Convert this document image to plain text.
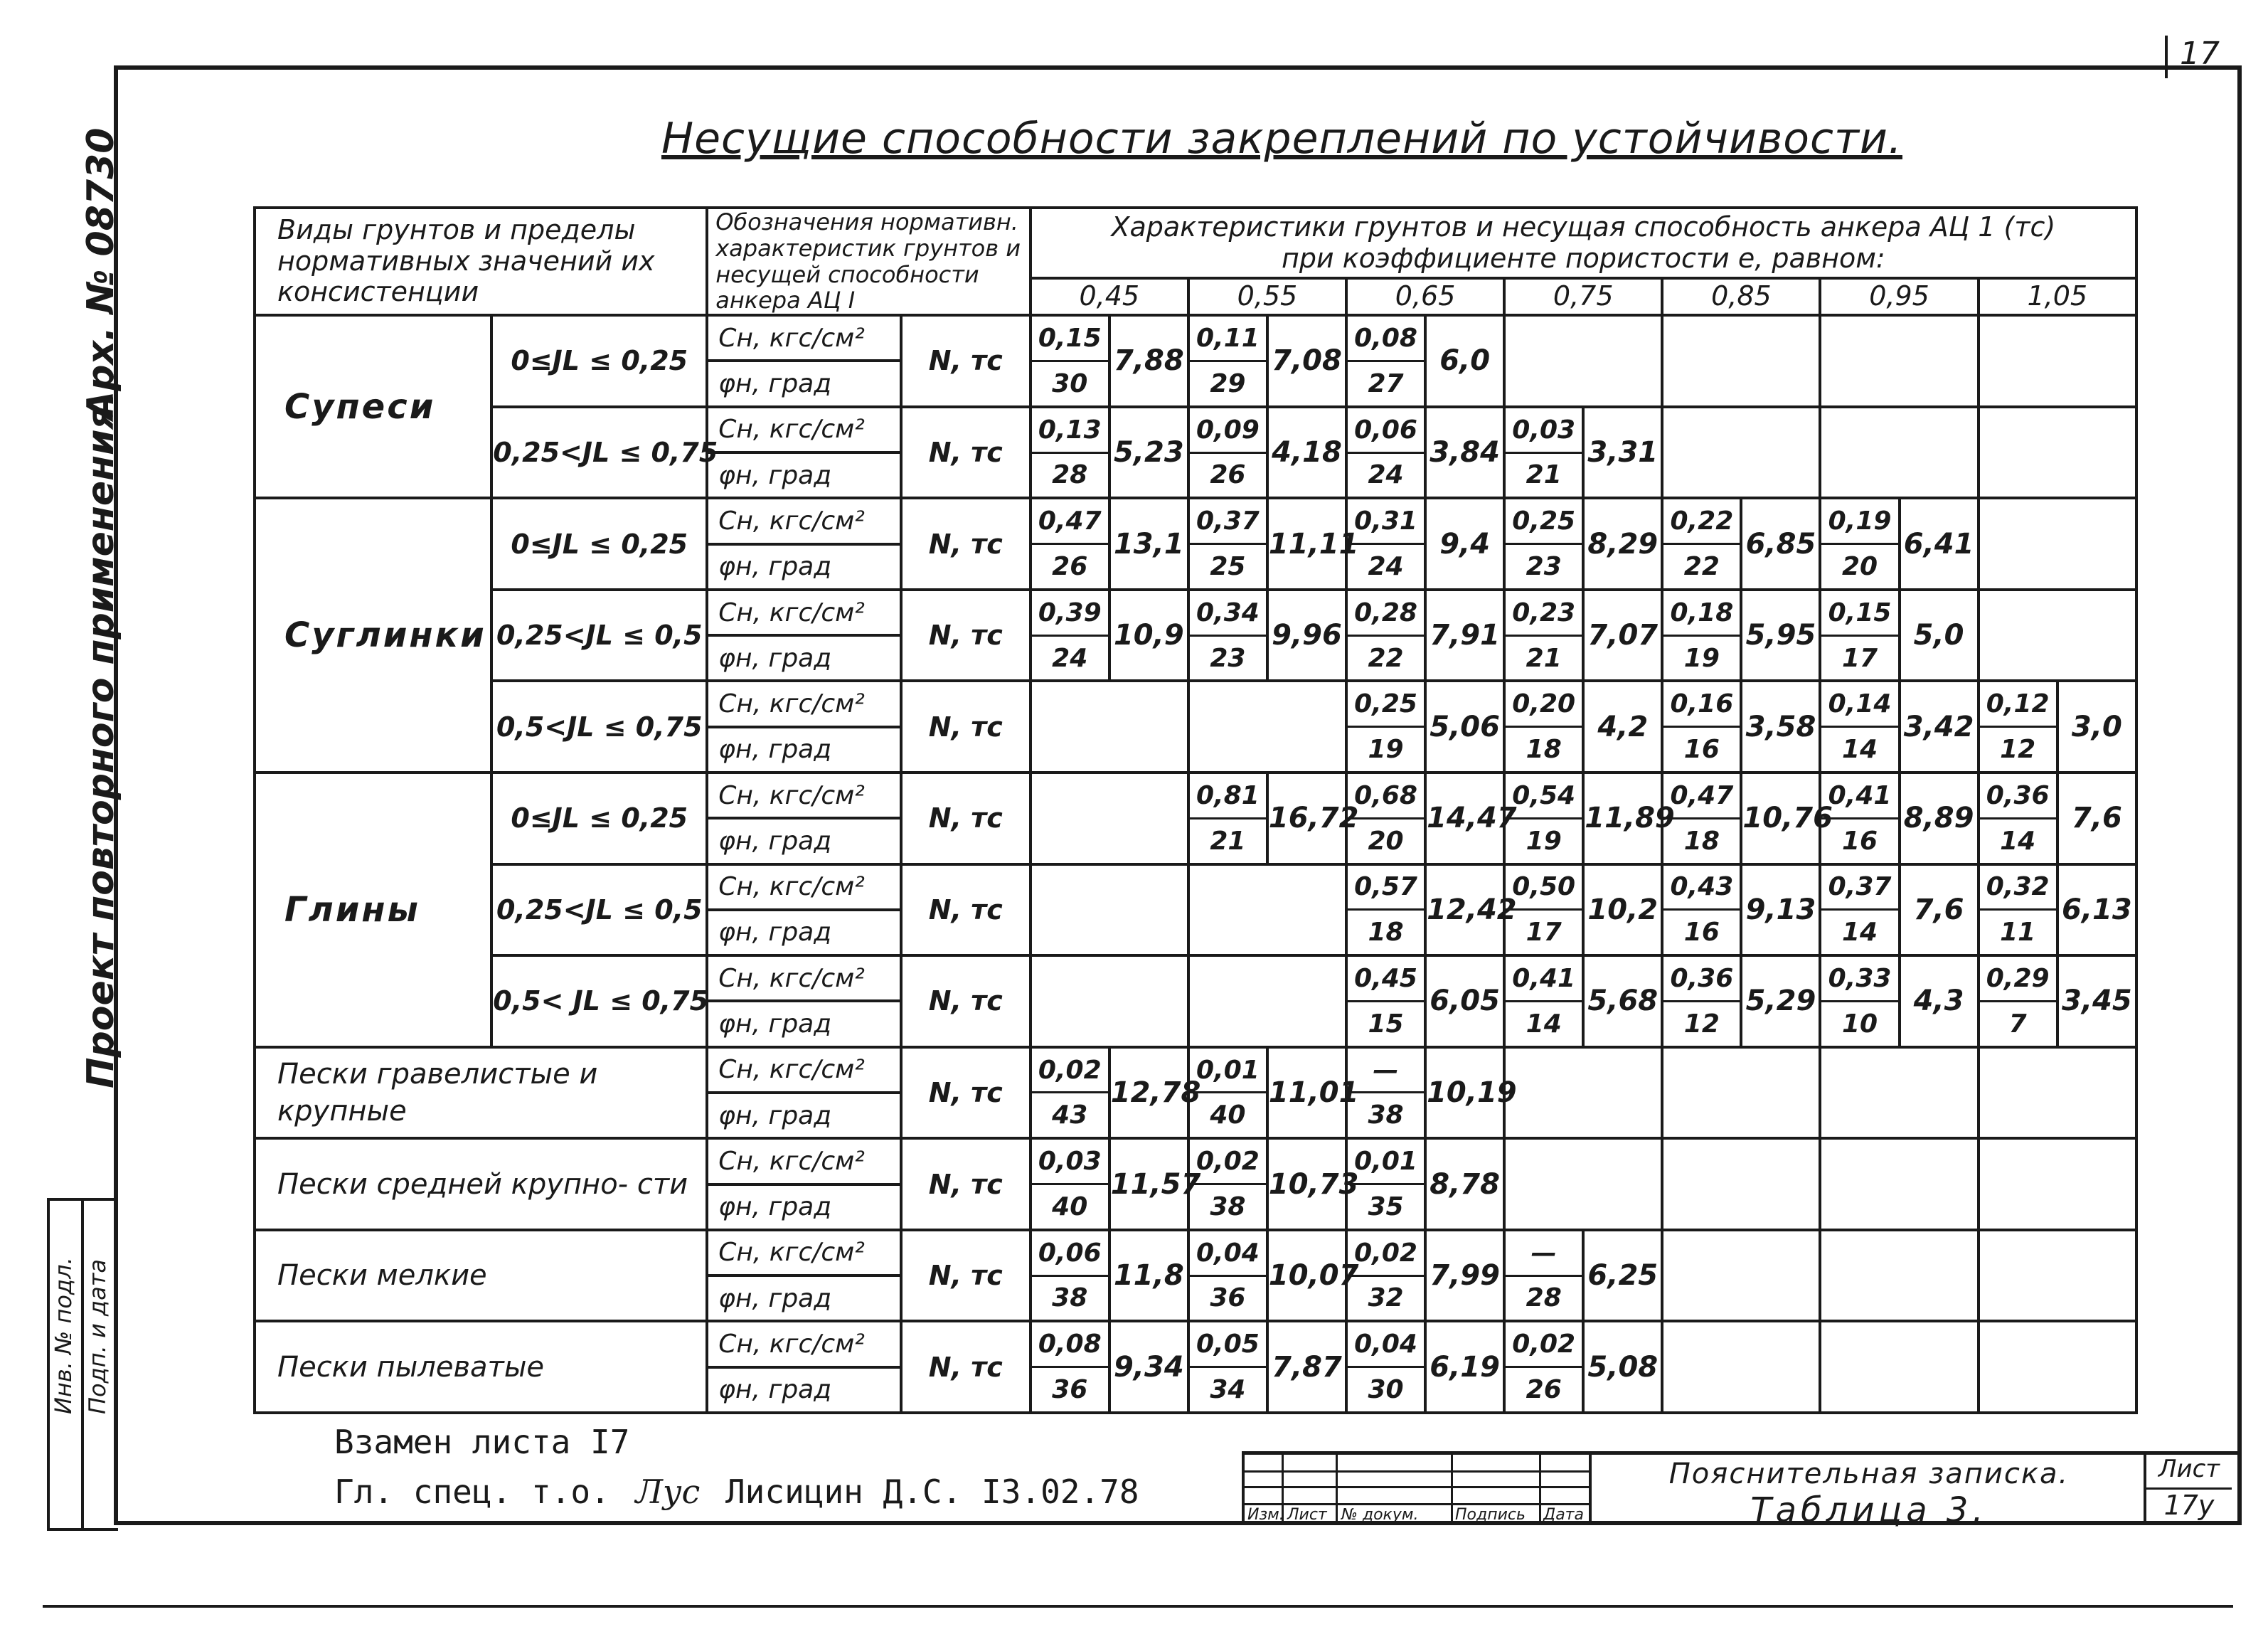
17
Арх. № 08730
Проект повторного применения.
Инв. № подл. Подп. и дата
Несущие способности закреплений по устойчивости.
Виды грунтов и пределы нормативных значений их консистенции		Обозначения нормативн. характеристик грунтов и несущей способности анкера АЦ I		Характеристики грунтов и несущая способность анкера АЦ 1 (тс)
при коэффициенте пористости е, равном:													

				0,45		0,55		0,65		0,75		0,85		0,95		1,05	
Супеси	0≤JL ≤ 0,25	Cн, кгс/см²	N, тс	0,15	7,88	0,11	7,08	0,08	6,0								
		φн, град		30		29		27									
	0,25<JL ≤ 0,75	Cн, кгс/см²	N, тс	0,13	5,23	0,09	4,18	0,06	3,84	0,03	3,31						
		φн, град		28		26		24		21							
Суглинки	0≤JL ≤ 0,25	Cн, кгс/см²	N, тс	0,47	13,1	0,37	11,11	0,31	9,4	0,25	8,29	0,22	6,85	0,19	6,41		
		φн, град		26		25		24		23		22		20			
	0,25<JL ≤ 0,5	Cн, кгс/см²	N, тс	0,39	10,9	0,34	9,96	0,28	7,91	0,23	7,07	0,18	5,95	0,15	5,0		
		φн, град		24		23		22		21		19		17			
	0,5<JL ≤ 0,75	Cн, кгс/см²	N, тс					0,25	5,06	0,20	4,2	0,16	3,58	0,14	3,42	0,12	3,0
		φн, град						19		18		16		14		12	
Глины	0≤JL ≤ 0,25	Cн, кгс/см²	N, тс			0,81	16,72	0,68	14,47	0,54	11,89	0,47	10,76	0,41	8,89	0,36	7,6
		φн, град				21		20		19		18		16		14	
	0,25<JL ≤ 0,5	Cн, кгс/см²	N, тс					0,57	12,42	0,50	10,2	0,43	9,13	0,37	7,6	0,32	6,13
		φн, град						18		17		16		14		11	
	0,5< JL ≤ 0,75	Cн, кгс/см²	N, тс					0,45	6,05	0,41	5,68	0,36	5,29	0,33	4,3	0,29	3,45
		φн, град						15		14		12		10		7	
Пески гравелистые и крупные		Cн, кгс/см²	N, тс	0,02	12,78	0,01	11,01	—	10,19								
		φн, град		43		40		38									
Пески средней крупно- сти		Cн, кгс/см²	N, тс	0,03	11,57	0,02	10,73	0,01	8,78								
		φн, град		40		38		35									
Пески мелкие		Cн, кгс/см²	N, тс	0,06	11,8	0,04	10,07	0,02	7,99	—	6,25						
		φн, град		38		36		32		28							
Пески пылеватые		Cн, кгс/см²	N, тс	0,08	9,34	0,05	7,87	0,04	6,19	0,02	5,08						
		φн, град		36		34		30		26							
Взамен листа I7
Гл. спец. т.о. Лус Лисицин Д.С. I3.02.78
Изм. Лист № докум. Подпись Дата
Пояснительная записка.
Таблица 3.
Лист
17у
